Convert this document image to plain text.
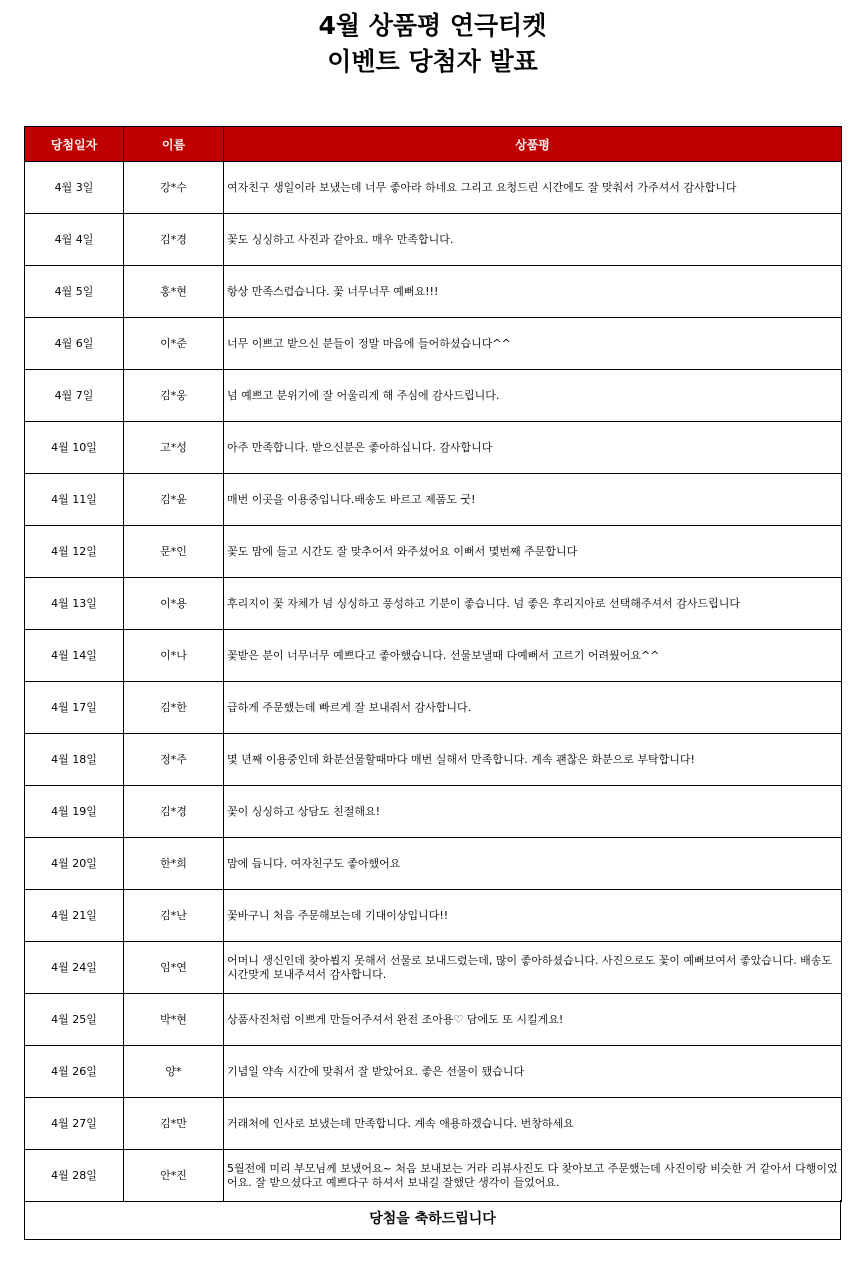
4월 상품평 연극티켓
이벤트 당첨자 발표
당첨일자	이름	상품평
4월 3일	강*수	여자친구 생일이라 보냈는데 너무 좋아라 하네요 그리고 요청드린 시간에도 잘 맞춰서 가주셔서 감사합니다
4월 4일	김*경	꽃도 싱싱하고 사진과 같아요. 매우 만족합니다.
4월 5일	홍*현	항상 만족스럽습니다. 꽃 너무너무 예뻐요!!!
4월 6일	이*준	너무 이쁘고 받으신 분들이 정말 마음에 들어하셨습니다^^
4월 7일	김*웅	넘 예쁘고 분위기에 잘 어울리게 해 주심에 감사드립니다.
4월 10일	고*성	아주 만족합니다. 받으신분은 좋아하십니다. 감사합니다
4월 11일	김*윤	매번 이곳을 이용중입니다.배송도 바르고 제품도 굿!
4월 12일	문*인	꽃도 맘에 들고 시간도 잘 맞추어서 와주셨어요 이뻐서 몇번째 주문합니다
4월 13일	이*용	후리지이 꽃 자체가 넘 싱싱하고 풍성하고 기분이 좋습니다. 넘 좋은 후리지아로 선택해주셔서 감사드립니다
4월 14일	이*나	꽃받은 분이 너무너무 예쁘다고 좋아했습니다. 선물보낼때 다예뻐서 고르기 어려웠어요^^
4월 17일	김*한	급하게 주문했는데 빠르게 잘 보내줘서 감사합니다.
4월 18일	정*주	몇 년째 이용중인데 화분선물할때마다 매번 실해서 만족합니다. 계속 괜찮은 화분으로 부탁합니다!
4월 19일	김*경	꽃이 싱싱하고 상담도 친절해요!
4월 20일	한*희	맘에 듭니다. 여자친구도 좋아했어요
4월 21일	김*난	꽃바구니 처음 주문해보는데 기대이상입니다!!
4월 24일	임*연	어머니 생신인데 찾아뵙지 못해서 선물로 보내드렸는데, 많이 좋아하셨습니다. 사진으로도 꽃이 예뻐보여서 좋았습니다. 배송도 시간맞게 보내주셔서 감사합니다.
4월 25일	박*현	상품사진처럼 이쁘게 만들어주셔서 완전 조아용♡ 담에도 또 시킬게요!
4월 26일	양*	기념일 약속 시간에 맞춰서 잘 받았어요. 좋은 선물이 됐습니다
4월 27일	김*만	거래처에 인사로 보냈는데 만족합니다. 계속 애용하겠습니다. 번창하세요
4월 28일	안*진	5월전에 미리 부모님께 보냈어요~ 처음 보내보는 거라 리뷰사진도 다 찾아보고 주문했는데 사진이랑 비슷한 거 같아서 다행이었어요. 잘 받으셨다고 예쁘다구 하셔서 보내길 잘했단 생각이 들었어요.
당첨을 축하드립니다
